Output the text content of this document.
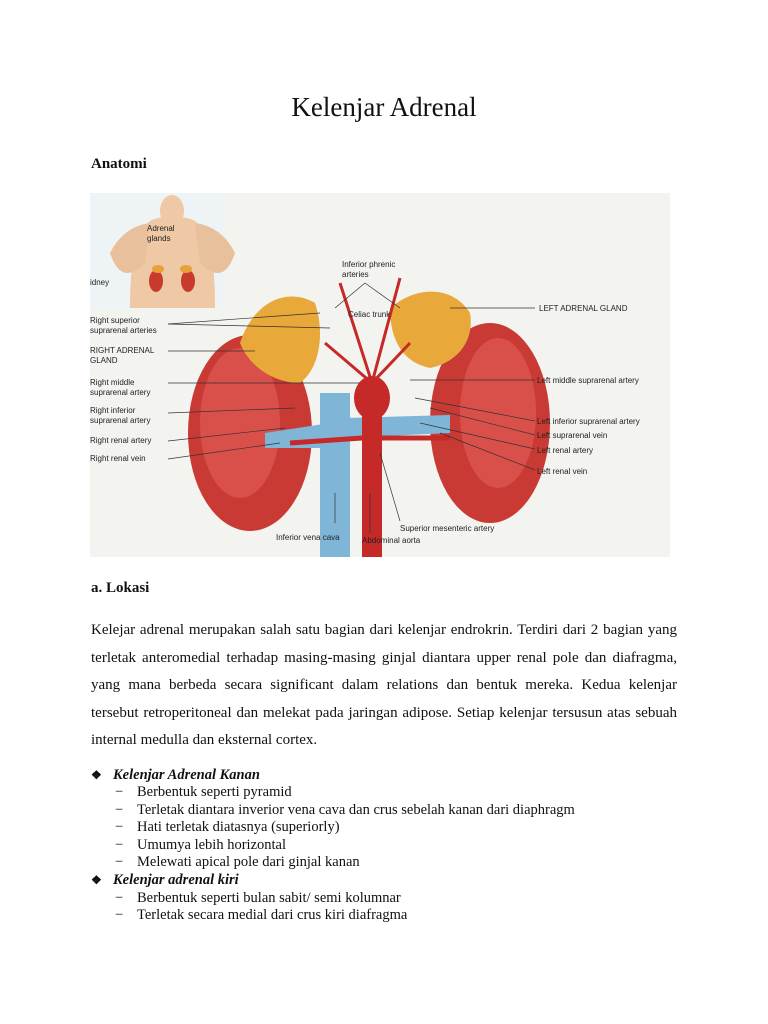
Kelenjar Adrenal

Anatomi

Adrenal
glands
idney
Right superior
suprarenal arteries
RIGHT ADRENAL
GLAND
Right middle
suprarenal artery
Right inferior
suprarenal artery
Right renal artery
Right renal vein
Inferior phrenic
arteries
Celiac trunk
LEFT ADRENAL GLAND
Left middle suprarenal artery
Left inferior suprarenal artery
Left suprarenal vein
Left renal artery
Left renal vein
Inferior vena cava	Abdominal aorta
Superior mesenteric artery

a. Lokasi

Kelejar adrenal merupakan salah satu bagian dari kelenjar endrokrin. Terdiri dari 2 bagian yang terletak anteromedial terhadap masing-masing ginjal diantara upper renal pole dan diafragma, yang mana berbeda secara significant dalam relations dan bentuk mereka. Kedua kelenjar tersebut retroperitoneal dan melekat pada jaringan adipose. Setiap kelenjar tersusun atas sebuah internal medulla dan eksternal cortex.

❖ Kelenjar Adrenal Kanan
− Berbentuk seperti pyramid
− Terletak diantara inverior vena cava dan crus sebelah kanan dari diaphragm
− Hati terletak diatasnya (superiorly)
− Umumya lebih horizontal
− Melewati apical pole dari ginjal kanan
❖ Kelenjar adrenal kiri
− Berbentuk seperti bulan sabit/ semi kolumnar
− Terletak secara medial dari crus kiri diafragma
